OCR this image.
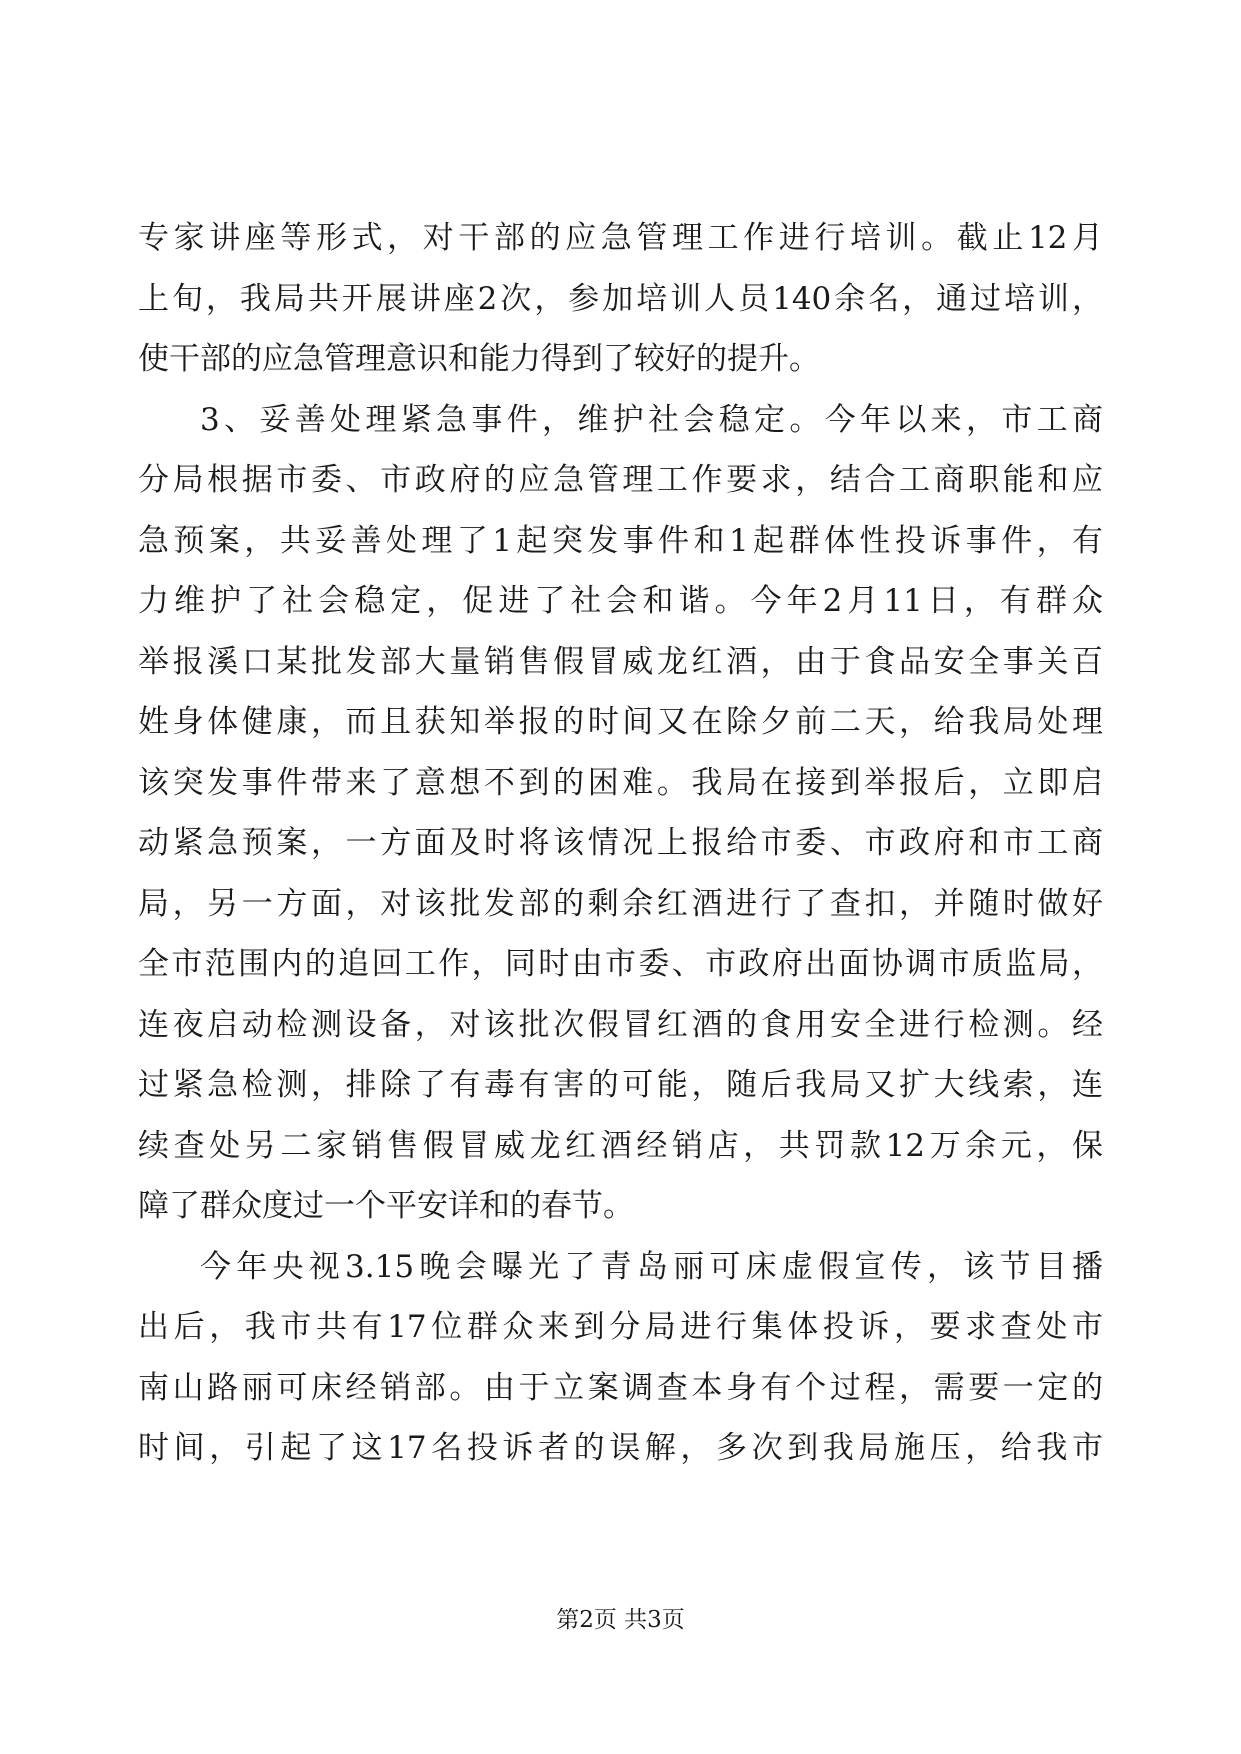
专家讲座等形式，对干部的应急管理工作进行培训。截止12月
上旬，我局共开展讲座2次，参加培训人员140余名，通过培训，
使干部的应急管理意识和能力得到了较好的提升。
3、妥善处理紧急事件，维护社会稳定。今年以来，市工商
分局根据市委、市政府的应急管理工作要求，结合工商职能和应
急预案，共妥善处理了1起突发事件和1起群体性投诉事件，有
力维护了社会稳定，促进了社会和谐。今年2月11日，有群众
举报溪口某批发部大量销售假冒威龙红酒，由于食品安全事关百
姓身体健康，而且获知举报的时间又在除夕前二天，给我局处理
该突发事件带来了意想不到的困难。我局在接到举报后，立即启
动紧急预案，一方面及时将该情况上报给市委、市政府和市工商
局，另一方面，对该批发部的剩余红酒进行了查扣，并随时做好
全市范围内的追回工作，同时由市委、市政府出面协调市质监局，
连夜启动检测设备，对该批次假冒红酒的食用安全进行检测。经
过紧急检测，排除了有毒有害的可能，随后我局又扩大线索，连
续查处另二家销售假冒威龙红酒经销店，共罚款12万余元，保
障了群众度过一个平安详和的春节。
今年央视3.15晚会曝光了青岛丽可床虚假宣传，该节目播
出后，我市共有17位群众来到分局进行集体投诉，要求查处市
南山路丽可床经销部。由于立案调查本身有个过程，需要一定的
时间，引起了这17名投诉者的误解，多次到我局施压，给我市
第2页 共3页
